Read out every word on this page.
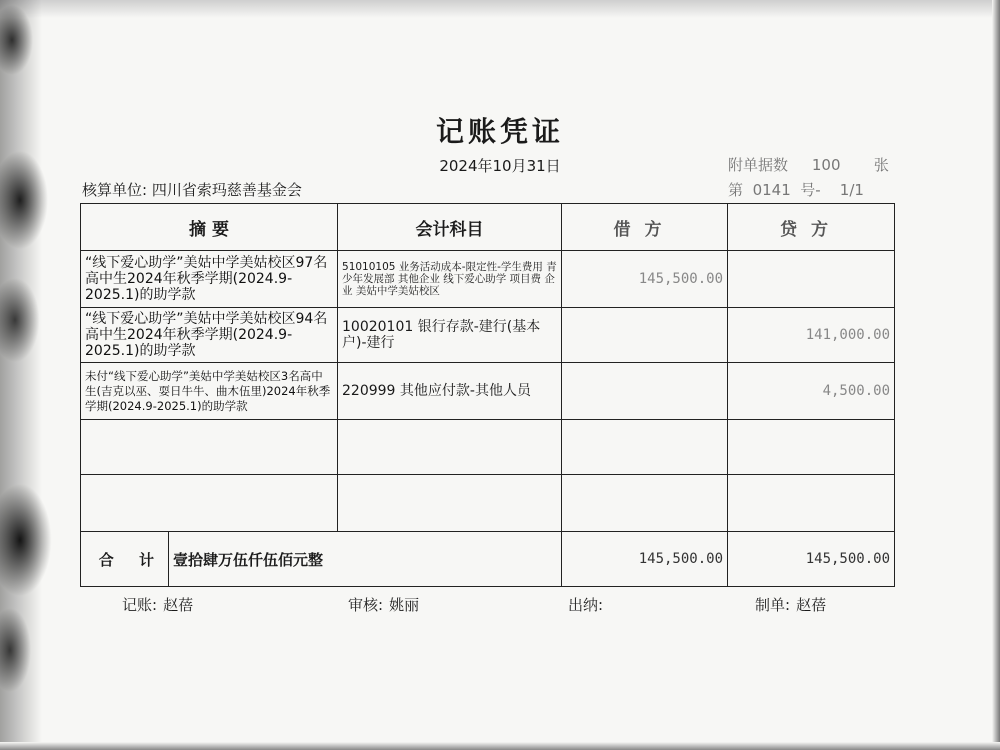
记账凭证
2024年10月31日
核算单位: 四川省索玛慈善基金会
附单据数 100 张
第 0141 号- 1/1
摘 要		会计科目	借方	贷方
“线下爱心助学”美姑中学美姑校区97名高中生2024年秋季学期(2024.9-2025.1)的助学款		51010105 业务活动成本-限定性-学生费用 青少年发展部 其他企业 线下爱心助学 项目费 企业 美姑中学美姑校区	145,500.00	
“线下爱心助学”美姑中学美姑校区94名高中生2024年秋季学期(2024.9-2025.1)的助学款		10020101 银行存款-建行(基本户)-建行		141,000.00
未付“线下爱心助学”美姑中学美姑校区3名高中生(吉克以巫、耍日牛牛、曲木伍里)2024年秋季学期(2024.9-2025.1)的助学款		220999 其他应付款-其他人员		4,500.00

合 计	壹拾肆万伍仟伍佰元整		145,500.00	145,500.00
记账: 赵蓓	审核: 姚丽	出纳:	制单: 赵蓓
